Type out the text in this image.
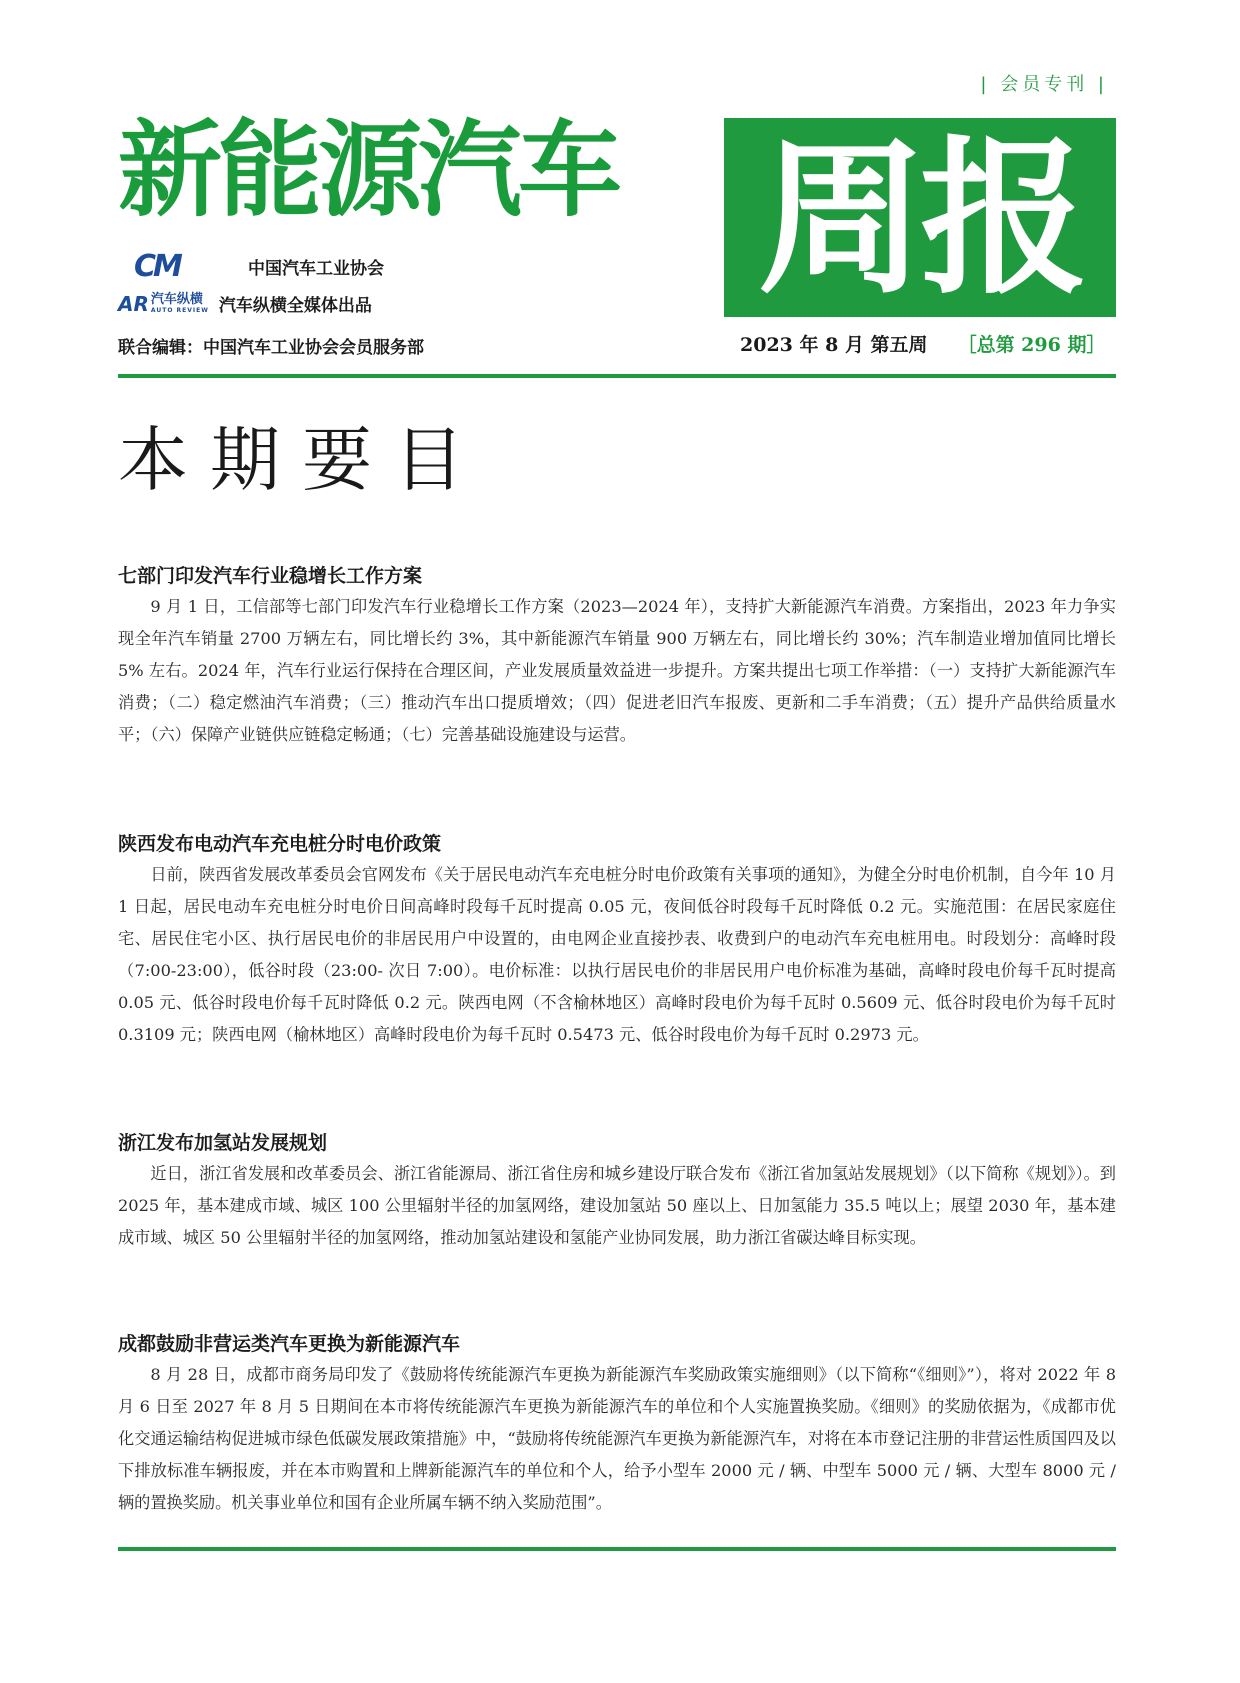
| 会员专刊 |
新能源汽车 周报
CM	中国汽车工业协会
AR 汽车纵横
AUTO REVIEW 汽车纵横全媒体出品
联合编辑：中国汽车工业协会会员服务部	2023 年 8 月 第五周 ［总第 296 期］
本期要目
七部门印发汽车行业稳增长工作方案

9 月 1 日，工信部等七部门印发汽车行业稳增长工作方案（2023—2024 年），支持扩大新能源汽车消费。方案指出，2023 年力争实现全年汽车销量 2700 万辆左右，同比增长约 3%，其中新能源汽车销量 900 万辆左右，同比增长约 30%；汽车制造业增加值同比增长 5% 左右。2024 年，汽车行业运行保持在合理区间，产业发展质量效益进一步提升。方案共提出七项工作举措：（一）支持扩大新能源汽车消费；（二）稳定燃油汽车消费；（三）推动汽车出口提质增效；（四）促进老旧汽车报废、更新和二手车消费；（五）提升产品供给质量水平；（六）保障产业链供应链稳定畅通；（七）完善基础设施建设与运营。

陕西发布电动汽车充电桩分时电价政策

日前，陕西省发展改革委员会官网发布《关于居民电动汽车充电桩分时电价政策有关事项的通知》，为健全分时电价机制，自今年 10 月 1 日起，居民电动车充电桩分时电价日间高峰时段每千瓦时提高 0.05 元，夜间低谷时段每千瓦时降低 0.2 元。实施范围：在居民家庭住宅、居民住宅小区、执行居民电价的非居民用户中设置的，由电网企业直接抄表、收费到户的电动汽车充电桩用电。时段划分：高峰时段（7:00-23:00），低谷时段（23:00- 次日 7:00）。电价标准：以执行居民电价的非居民用户电价标准为基础，高峰时段电价每千瓦时提高 0.05 元、低谷时段电价每千瓦时降低 0.2 元。陕西电网（不含榆林地区）高峰时段电价为每千瓦时 0.5609 元、低谷时段电价为每千瓦时 0.3109 元；陕西电网（榆林地区）高峰时段电价为每千瓦时 0.5473 元、低谷时段电价为每千瓦时 0.2973 元。

浙江发布加氢站发展规划

近日，浙江省发展和改革委员会、浙江省能源局、浙江省住房和城乡建设厅联合发布《浙江省加氢站发展规划》（以下简称《规划》）。到 2025 年，基本建成市域、城区 100 公里辐射半径的加氢网络，建设加氢站 50 座以上、日加氢能力 35.5 吨以上；展望 2030 年，基本建成市域、城区 50 公里辐射半径的加氢网络，推动加氢站建设和氢能产业协同发展，助力浙江省碳达峰目标实现。

成都鼓励非营运类汽车更换为新能源汽车

8 月 28 日，成都市商务局印发了《鼓励将传统能源汽车更换为新能源汽车奖励政策实施细则》（以下简称“《细则》”），将对 2022 年 8 月 6 日至 2027 年 8 月 5 日期间在本市将传统能源汽车更换为新能源汽车的单位和个人实施置换奖励。《细则》的奖励依据为，《成都市优化交通运输结构促进城市绿色低碳发展政策措施》中，“鼓励将传统能源汽车更换为新能源汽车，对将在本市登记注册的非营运性质国四及以下排放标准车辆报废，并在本市购置和上牌新能源汽车的单位和个人，给予小型车 2000 元 / 辆、中型车 5000 元 / 辆、大型车 8000 元 / 辆的置换奖励。机关事业单位和国有企业所属车辆不纳入奖励范围”。
